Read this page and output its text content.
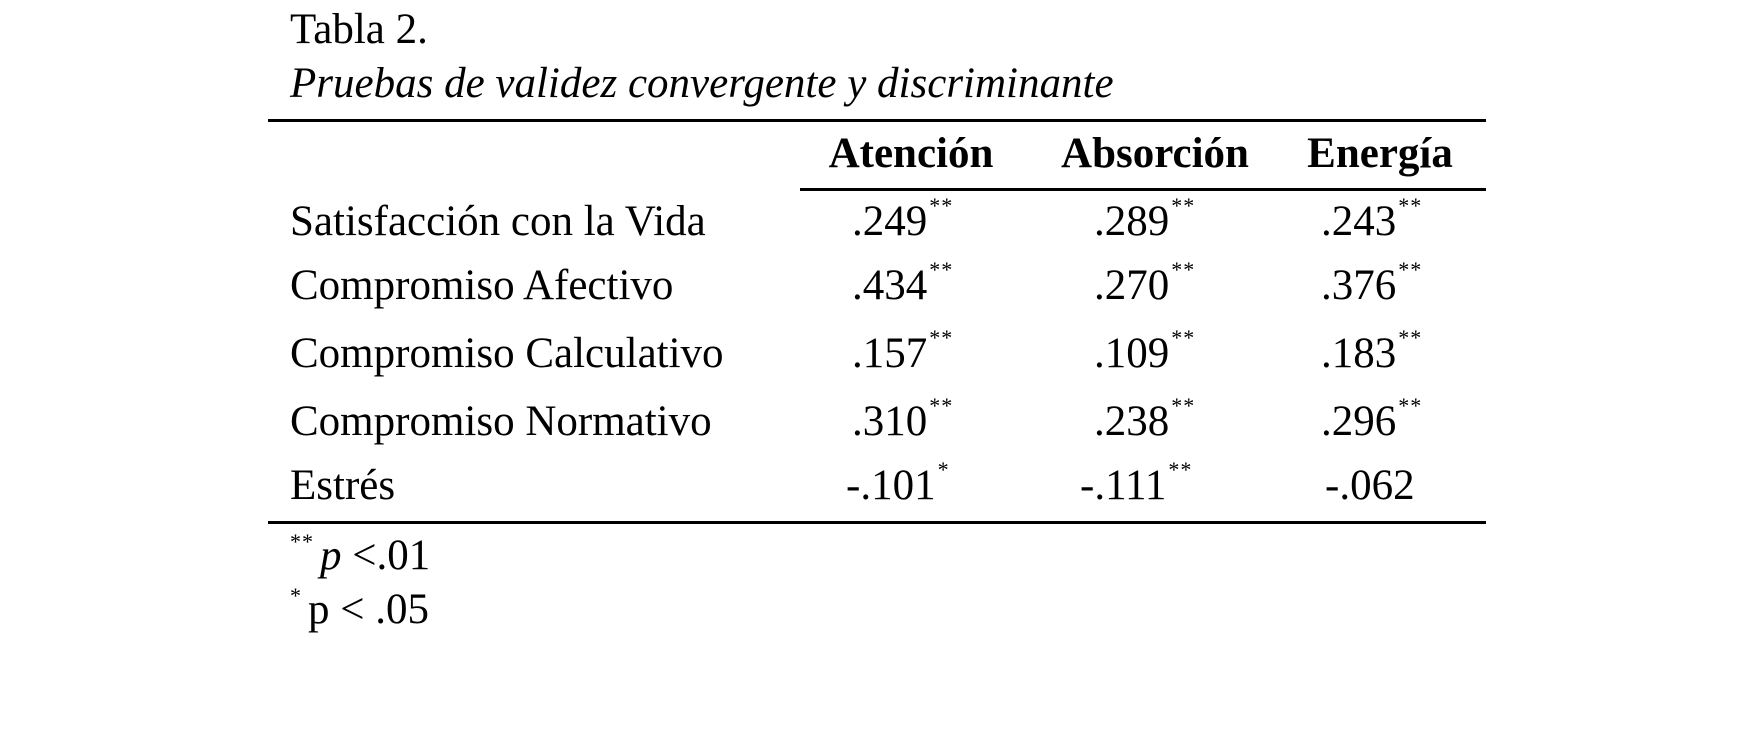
Tabla 2.
Pruebas de validez convergente y discriminante
Atención	Absorción	Energía
Satisfacción con la Vida	.249**	.289**	.243**
Compromiso Afectivo	.434**	.270**	.376**
Compromiso Calculativo	.157**	.109**	.183**
Compromiso Normativo	.310**	.238**	.296**
Estrés	-.101*	-.111**	-.062
** p <.01
* p < .05
